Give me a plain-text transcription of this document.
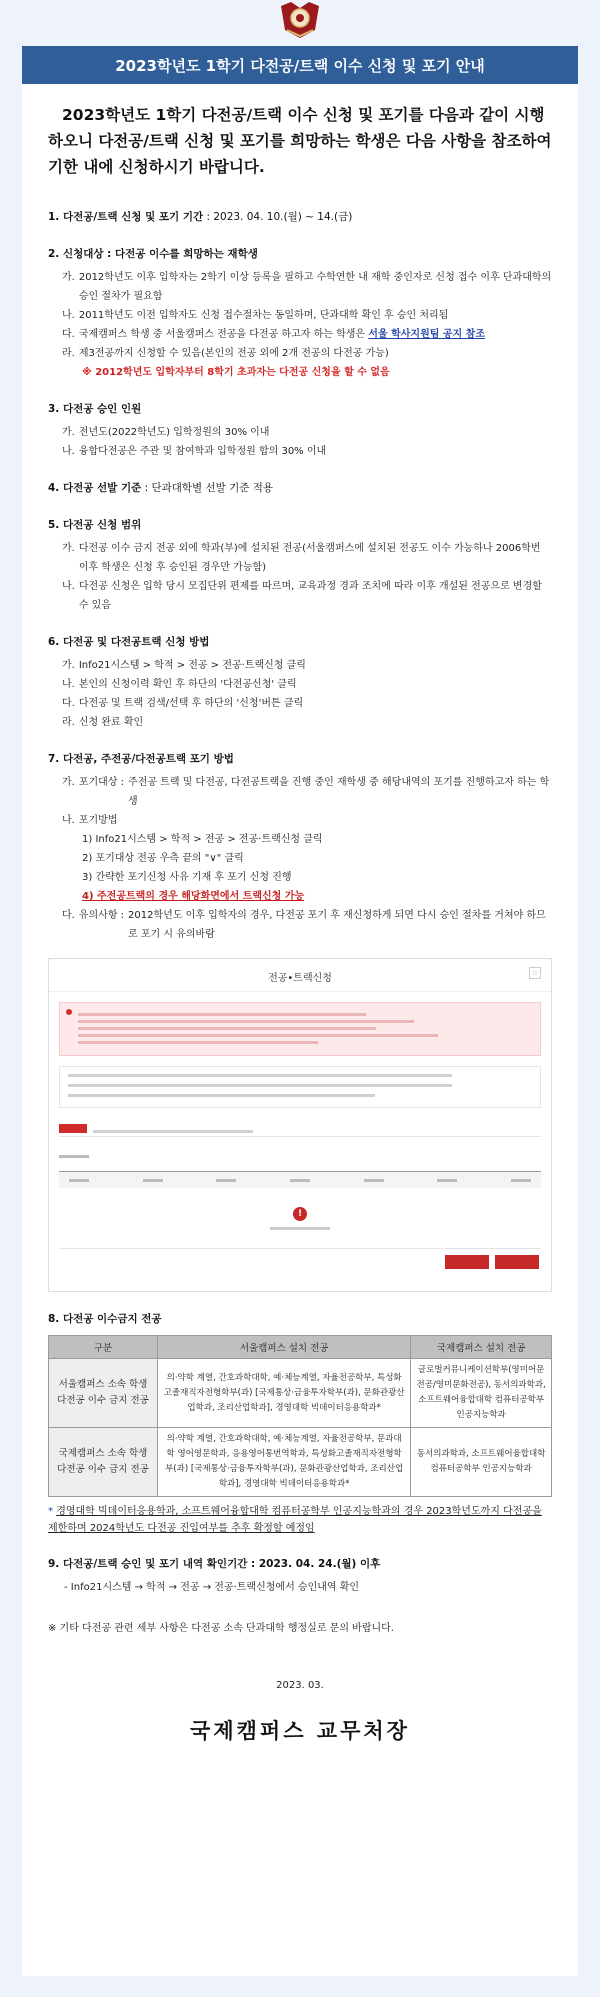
2023학년도 1학기 다전공/트랙 이수 신청 및 포기 안내

2023학년도 1학기 다전공/트랙 이수 신청 및 포기를 다음과 같이 시행하오니 다전공/트랙 신청 및 포기를 희망하는 학생은 다음 사항을 참조하여 기한 내에 신청하시기 바랍니다.

1. 다전공/트랙 신청 및 포기 기간 : 2023. 04. 10.(월) ~ 14.(금)
2. 신청대상 : 다전공 이수를 희망하는 재학생
가. 2012학년도 이후 입학자는 2학기 이상 등록을 필하고 수학연한 내 재학 중인자로 신청 접수 이후 단과대학의 승인 절차가 필요함
나. 2011학년도 이전 입학자도 신청 접수절차는 동일하며, 단과대학 확인 후 승인 처리됨
다. 국제캠퍼스 학생 중 서울캠퍼스 전공을 다전공 하고자 하는 학생은 서울 학사지원팀 공지 참조
라. 제3전공까지 신청할 수 있음(본인의 전공 외에 2개 전공의 다전공 가능)
※ 2012학년도 입학자부터 8학기 초과자는 다전공 신청을 할 수 없음
3. 다전공 승인 인원
가. 전년도(2022학년도) 입학정원의 30% 이내
나. 융합다전공은 주관 및 참여학과 입학정원 합의 30% 이내
4. 다전공 선발 기준 : 단과대학별 선발 기준 적용
5. 다전공 신청 범위
가. 다전공 이수 금지 전공 외에 학과(부)에 설치된 전공(서울캠퍼스에 설치된 전공도 이수 가능하나 2006학번 이후 학생은 신청 후 승인된 경우만 가능함)
나. 다전공 신청은 입학 당시 모집단위 편제를 따르며, 교육과정 경과 조치에 따라 이후 개설된 전공으로 변경할 수 있음
6. 다전공 및 다전공트랙 신청 방법
가. Info21시스템 > 학적 > 전공 > 전공·트랙신청 클릭
나. 본인의 신청이력 확인 후 하단의 '다전공신청' 클릭
다. 다전공 및 트랙 검색/선택 후 하단의 '신청'버튼 클릭
라. 신청 완료 확인
7. 다전공, 주전공/다전공트랙 포기 방법
가. 포기대상 : 주전공 트랙 및 다전공, 다전공트랙을 진행 중인 재학생 중 해당내역의 포기를 진행하고자 하는 학생
나. 포기방법
1) Info21시스템 > 학적 > 전공 > 전공·트랙신청 클릭
2) 포기대상 전공 우측 끝의 "∨" 클릭
3) 간략한 포기신청 사유 기재 후 포기 신청 진행
4) 주전공트랙의 경우 해당화면에서 트랙신청 가능
다. 유의사항 : 2012학년도 이후 입학자의 경우, 다전공 포기 후 재신청하게 되면 다시 승인 절차를 거쳐야 하므로 포기 시 유의바람
전공•트랙신청	☆
!
8. 다전공 이수금지 전공
구분	서울캠퍼스 설치 전공	국제캠퍼스 설치 전공
서울캠퍼스 소속 학생 다전공 이수 금지 전공	의·약학 계열, 간호과학대학, 예·체능계열, 자율전공학부, 특성화고졸재직자전형학부(과) [국제통상·금융투자학부(과), 문화관광산업학과, 조리산업학과], 경영대학 빅데이터응용학과*	글로벌커뮤니케이션학부(영미어문전공/영미문화전공), 동서의과학과, 소프트웨어융합대학 컴퓨터공학부 인공지능학과
국제캠퍼스 소속 학생 다전공 이수 금지 전공	의·약학 계열, 간호과학대학, 예·체능계열, 자율전공학부, 문과대학 영어영문학과, 응용영어통번역학과, 특성화고졸재직자전형학부(과) [국제통상·금융투자학부(과), 문화관광산업학과, 조리산업학과], 경영대학 빅데이터응용학과*	동서의과학과, 소프트웨어융합대학 컴퓨터공학부 인공지능학과
* 경영대학 빅데이터응용학과, 소프트웨어융합대학 컴퓨터공학부 인공지능학과의 경우 2023학년도까지 다전공을 제한하며 2024학년도 다전공 진입여부를 추후 확정할 예정임
9. 다전공/트랙 승인 및 포기 내역 확인기간 : 2023. 04. 24.(월) 이후
- Info21시스템 → 학적 → 전공 → 전공·트랙신청에서 승인내역 확인
※ 기타 다전공 관련 세부 사항은 다전공 소속 단과대학 행정실로 문의 바랍니다.
2023. 03.
국제캠퍼스 교무처장
